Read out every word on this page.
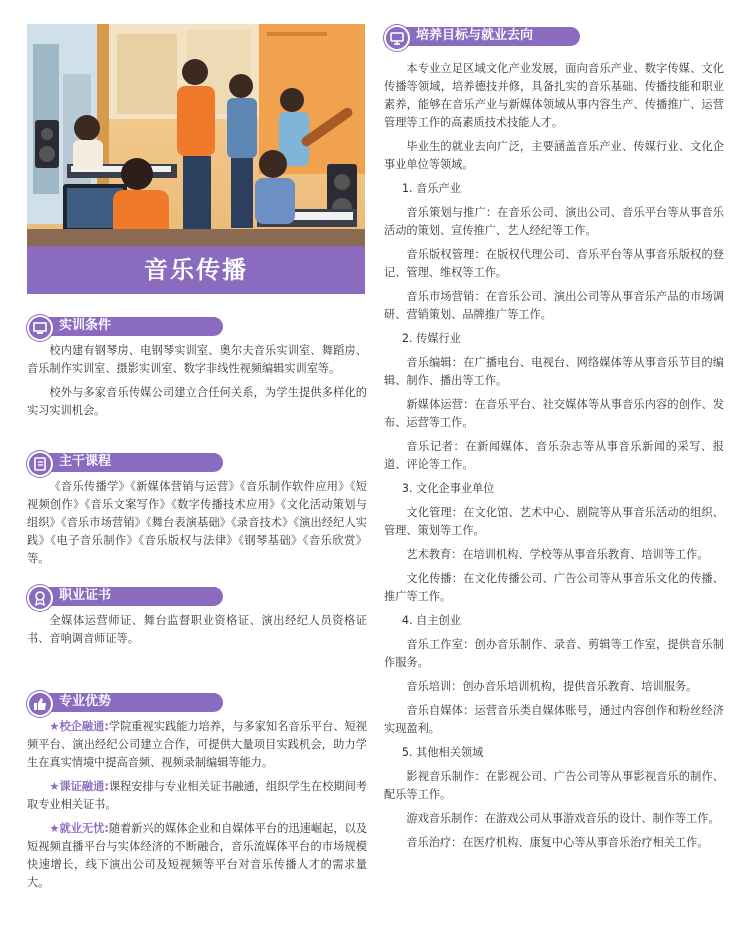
音乐传播
实训条件

校内建有钢琴房、电钢琴实训室、奥尔夫音乐实训室、舞蹈房、音乐制作实训室、摄影实训室、数字非线性视频编辑实训室等。

校外与多家音乐传媒公司建立合任何关系，为学生提供多样化的实习实训机会。

主干课程

《音乐传播学》《新媒体营销与运营》《音乐制作软件应用》《短视频创作》《音乐文案写作》《数字传播技术应用》《文化活动策划与组织》《音乐市场营销》《舞台表演基础》《录音技术》《演出经纪人实践》《电子音乐制作》《音乐版权与法律》《钢琴基础》《音乐欣赏》等。

职业证书

全媒体运营师证、舞台监督职业资格证、演出经纪人员资格证书、音响调音师证等。

专业优势

★校企融通:学院重视实践能力培养，与多家知名音乐平台、短视频平台、演出经纪公司建立合作，可提供大量项目实践机会，助力学生在真实情境中提高音频、视频录制编辑等能力。

★课证融通:课程安排与专业相关证书融通，组织学生在校期间考取专业相关证书。

★就业无忧:随着新兴的媒体企业和自媒体平台的迅速崛起，以及短视频直播平台与实体经济的不断融合，音乐流媒体平台的市场规模快速增长，线下演出公司及短视频等平台对音乐传播人才的需求量大。

培养目标与就业去向

本专业立足区域文化产业发展，面向音乐产业、数字传媒、文化传播等领域，培养德技并修，具备扎实的音乐基础、传播技能和职业素养，能够在音乐产业与新媒体领域从事内容生产、传播推广、运营管理等工作的高素质技术技能人才。

毕业生的就业去向广泛，主要涵盖音乐产业、传媒行业、文化企事业单位等领域。

1. 音乐产业

音乐策划与推广：在音乐公司、演出公司、音乐平台等从事音乐活动的策划、宣传推广、艺人经纪等工作。

音乐版权管理：在版权代理公司、音乐平台等从事音乐版权的登记、管理、维权等工作。

音乐市场营销：在音乐公司、演出公司等从事音乐产品的市场调研、营销策划、品牌推广等工作。

2. 传媒行业

音乐编辑：在广播电台、电视台、网络媒体等从事音乐节目的编辑、制作、播出等工作。

新媒体运营：在音乐平台、社交媒体等从事音乐内容的创作、发布、运营等工作。

音乐记者：在新闻媒体、音乐杂志等从事音乐新闻的采写、报道、评论等工作。

3. 文化企事业单位

文化管理：在文化馆、艺术中心、剧院等从事音乐活动的组织、管理、策划等工作。

艺术教育：在培训机构、学校等从事音乐教育、培训等工作。

文化传播：在文化传播公司、广告公司等从事音乐文化的传播、推广等工作。

4. 自主创业

音乐工作室：创办音乐制作、录音、剪辑等工作室，提供音乐制作服务。

音乐培训：创办音乐培训机构，提供音乐教育、培训服务。

音乐自媒体：运营音乐类自媒体账号，通过内容创作和粉丝经济实现盈利。

5. 其他相关领域

影视音乐制作：在影视公司、广告公司等从事影视音乐的制作、配乐等工作。

游戏音乐制作：在游戏公司从事游戏音乐的设计、制作等工作。

音乐治疗：在医疗机构、康复中心等从事音乐治疗相关工作。
